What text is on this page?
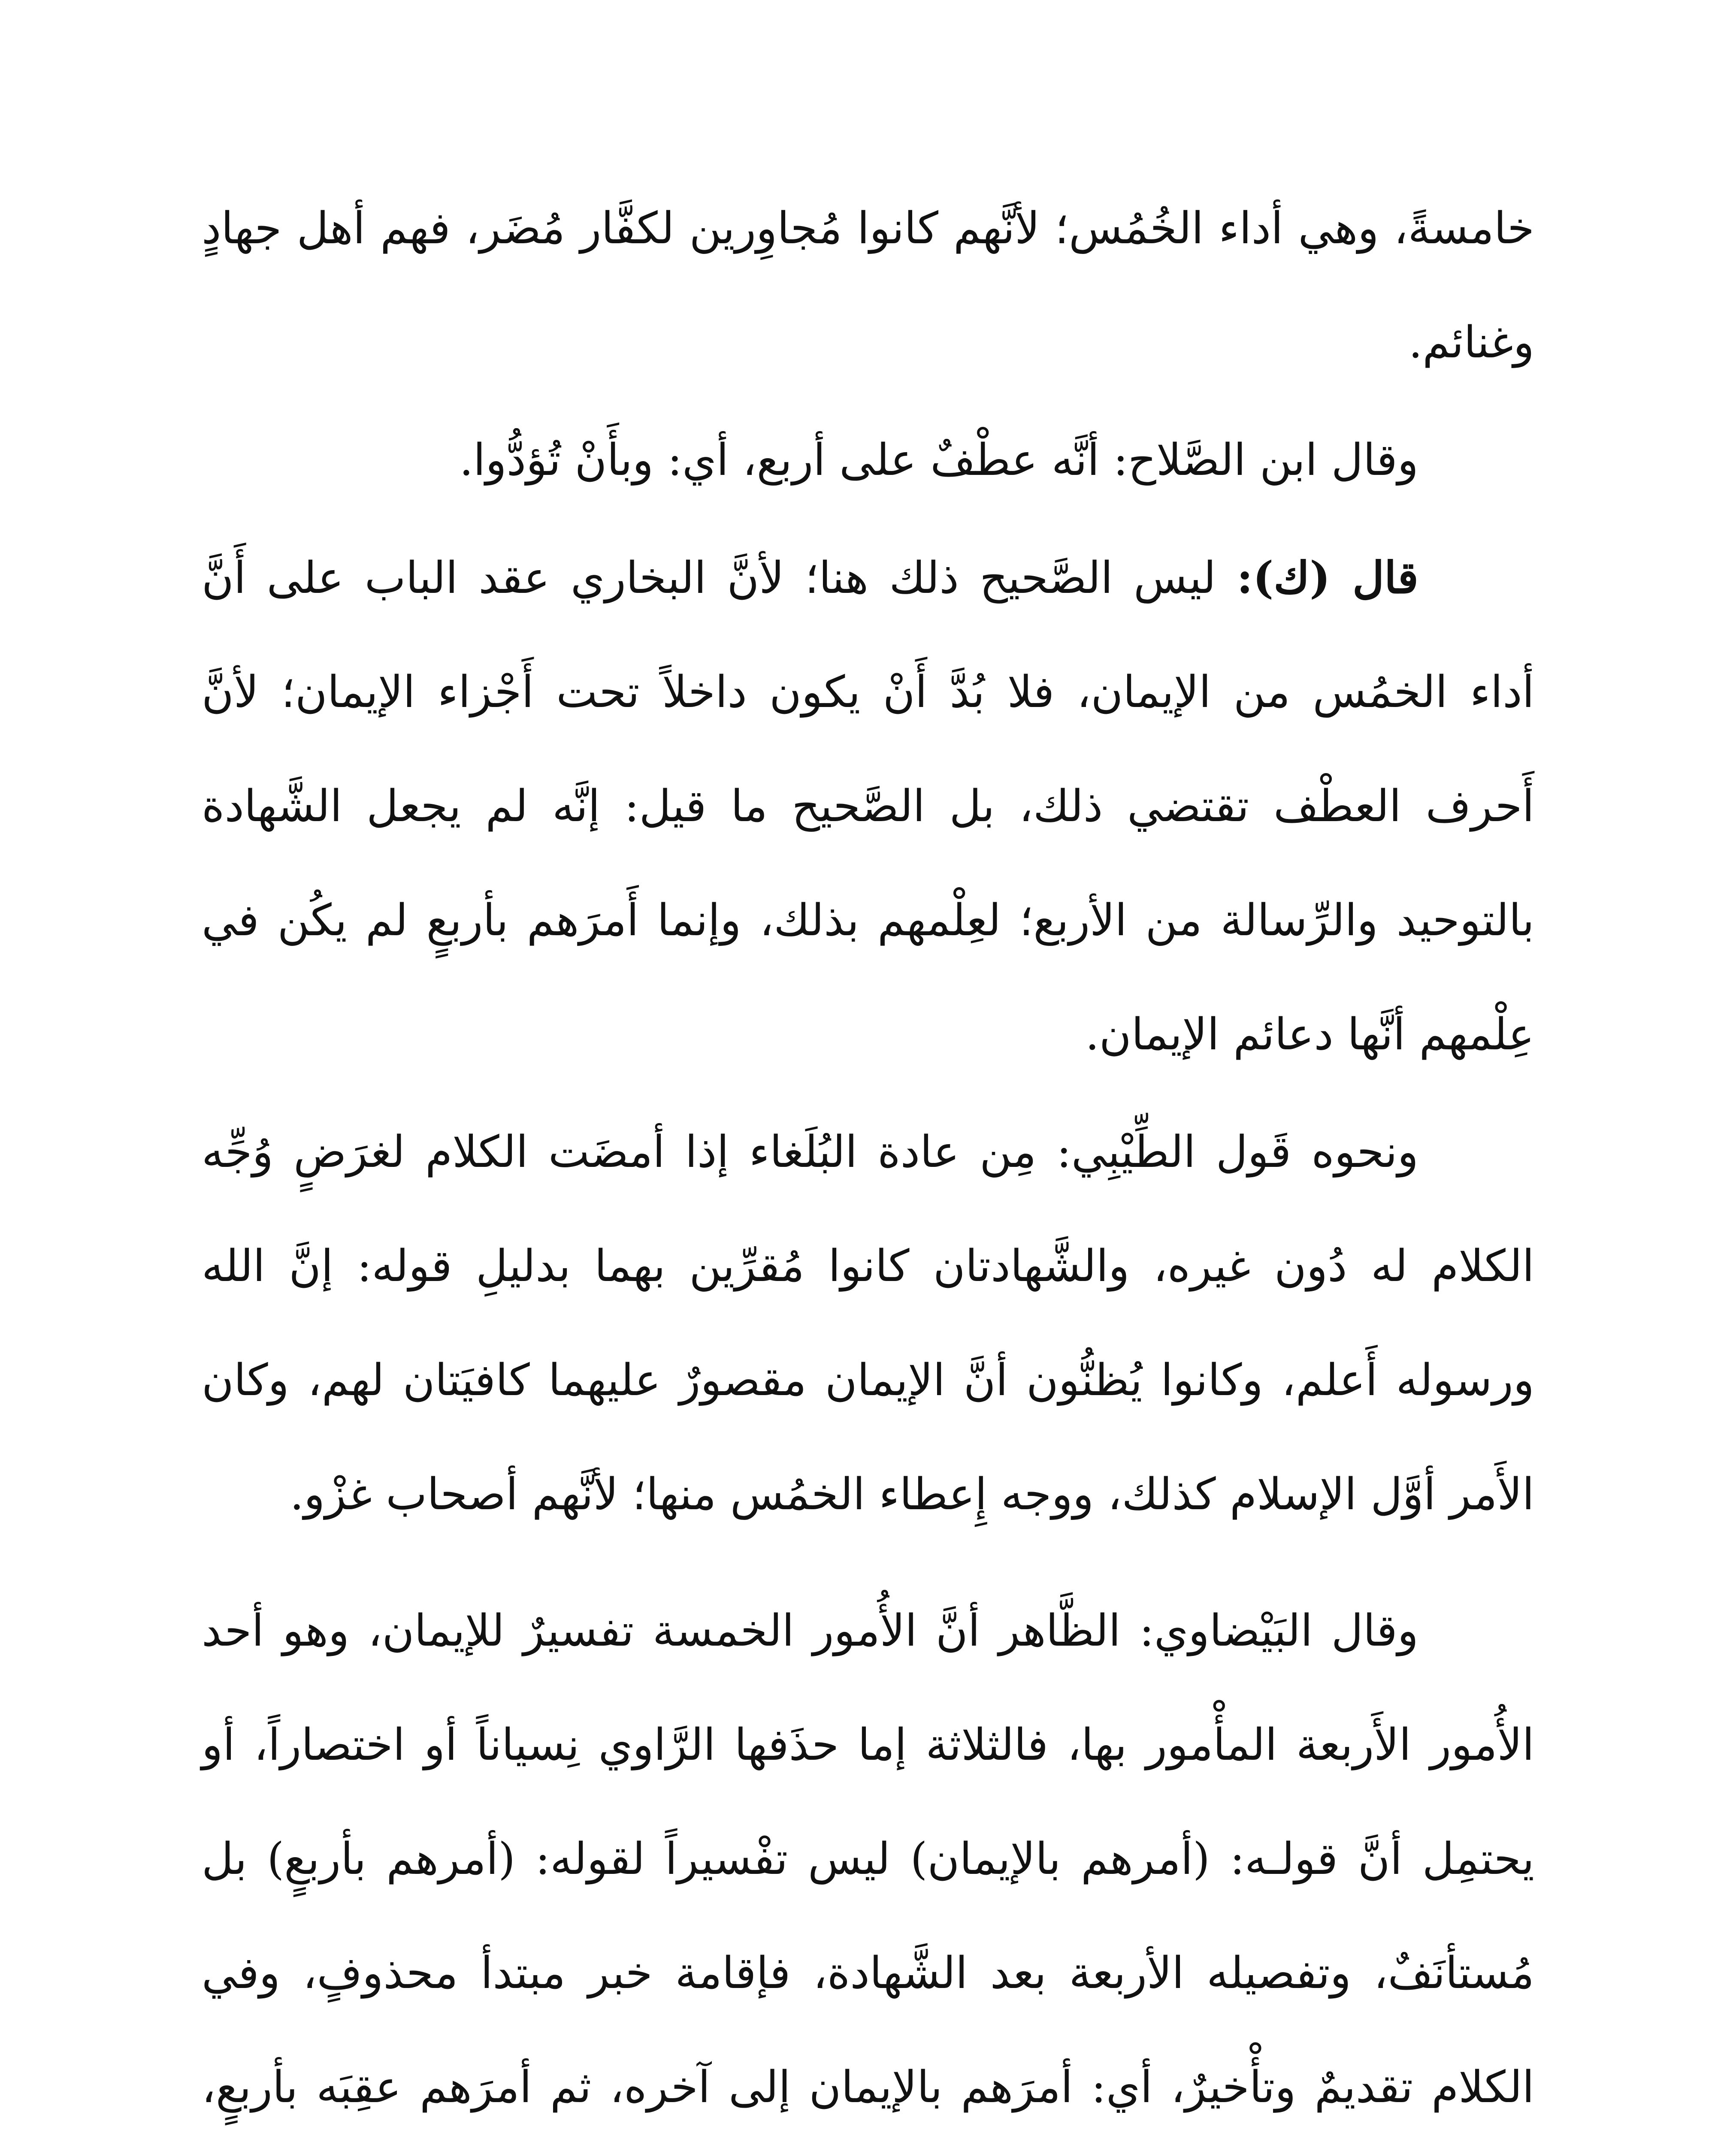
خامسةً، وهي أداء الخُمُس؛ لأنَّهم كانوا مُجاوِرين لكفَّار مُضَر، فهم أهل جهادٍ وغنائم.

وقال ابن الصَّلاح: أنَّه عطْفٌ على أربع، أي: وبأَنْ تُؤدُّوا.

قال (ك): ليس الصَّحيح ذلك هنا؛ لأنَّ البخاري عقد الباب على أَنَّ أداء الخمُس من الإيمان، فلا بُدَّ أَنْ يكون داخلاً تحت أَجْزاء الإيمان؛ لأنَّ أَحرف العطْف تقتضي ذلك، بل الصَّحيح ما قيل: إنَّه لم يجعل الشَّهادة بالتوحيد والرِّسالة من الأربع؛ لعِلْمهم بذلك، وإنما أَمرَهم بأربعٍ لم يكُن في عِلْمهم أنَّها دعائم الإيمان.

ونحوه قَول الطِّيْبِي: مِن عادة البُلَغاء إذا أمضَت الكلام لغرَضٍ وُجِّه الكلام له دُون غيره، والشَّهادتان كانوا مُقرِّين بهما بدليلِ قوله: إنَّ الله ورسوله أَعلم، وكانوا يُظنُّون أنَّ الإيمان مقصورٌ عليهما كافيَتان لهم، وكان الأَمر أوَّل الإسلام كذلك، ووجه إِعطاء الخمُس منها؛ لأنَّهم أصحاب غزْو.

وقال البَيْضاوي: الظَّاهر أنَّ الأُمور الخمسة تفسيرٌ للإيمان، وهو أحد الأُمور الأَربعة المأْمور بها، فالثلاثة إما حذَفها الرَّاوي نِسياناً أو اختصاراً، أو يحتمِل أنَّ قولـه: (أمرهم بالإيمان) ليس تفْسيراً لقوله: (أمرهم بأربعٍ) بل مُستأنَفٌ، وتفصيله الأربعة بعد الشَّهادة، فإقامة خبر مبتدأ محذوفٍ، وفي الكلام تقديمٌ وتأْخيرٌ، أي: أمرَهم بالإيمان إلى آخره، ثم أمرَهم عقِبَه بأربعٍ،
